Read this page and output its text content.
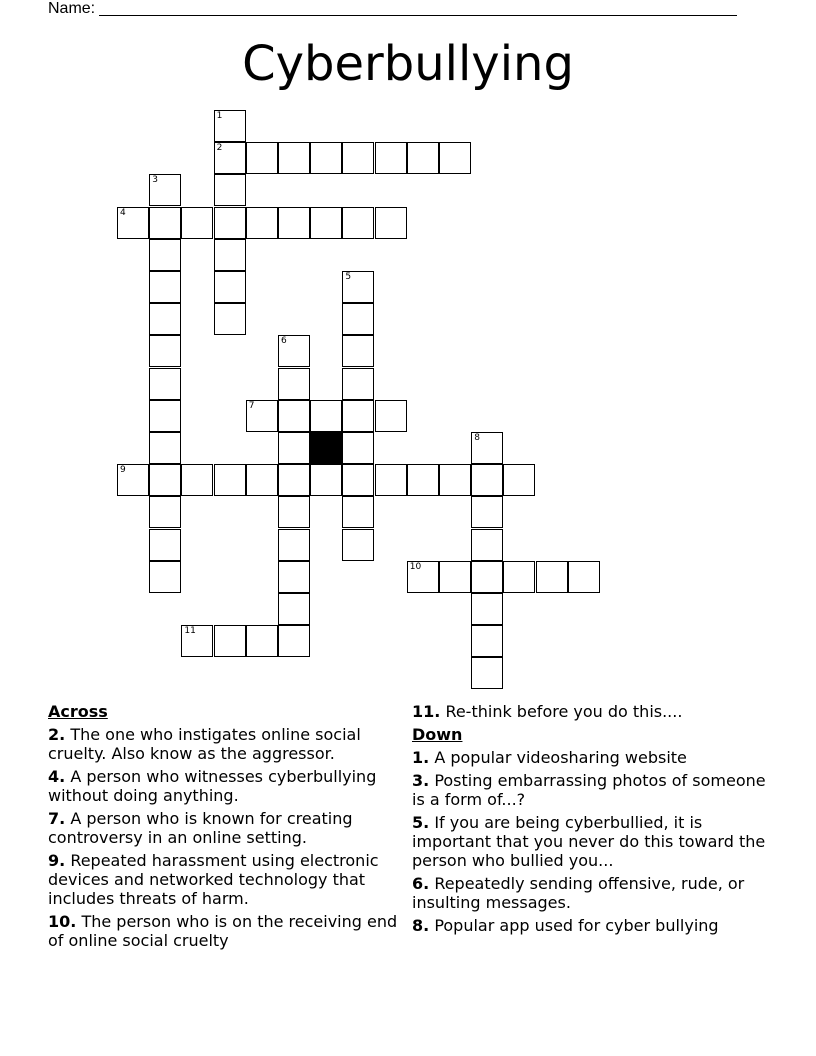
Name:
Cyberbullying
1
2
3
4
5
6
7
8
9
10
11
Across
2. The one who instigates online social cruelty. Also know as the aggressor.
4. A person who witnesses cyberbullying without doing anything.
7. A person who is known for creating controversy in an online setting.
9. Repeated harassment using electronic devices and networked technology that includes threats of harm.
10. The person who is on the receiving end of online social cruelty
11. Re-think before you do this....
Down
1. A popular videosharing website
3. Posting embarrassing photos of someone is a form of...?
5. If you are being cyberbullied, it is important that you never do this toward the person who bullied you...
6. Repeatedly sending offensive, rude, or insulting messages.
8. Popular app used for cyber bullying
